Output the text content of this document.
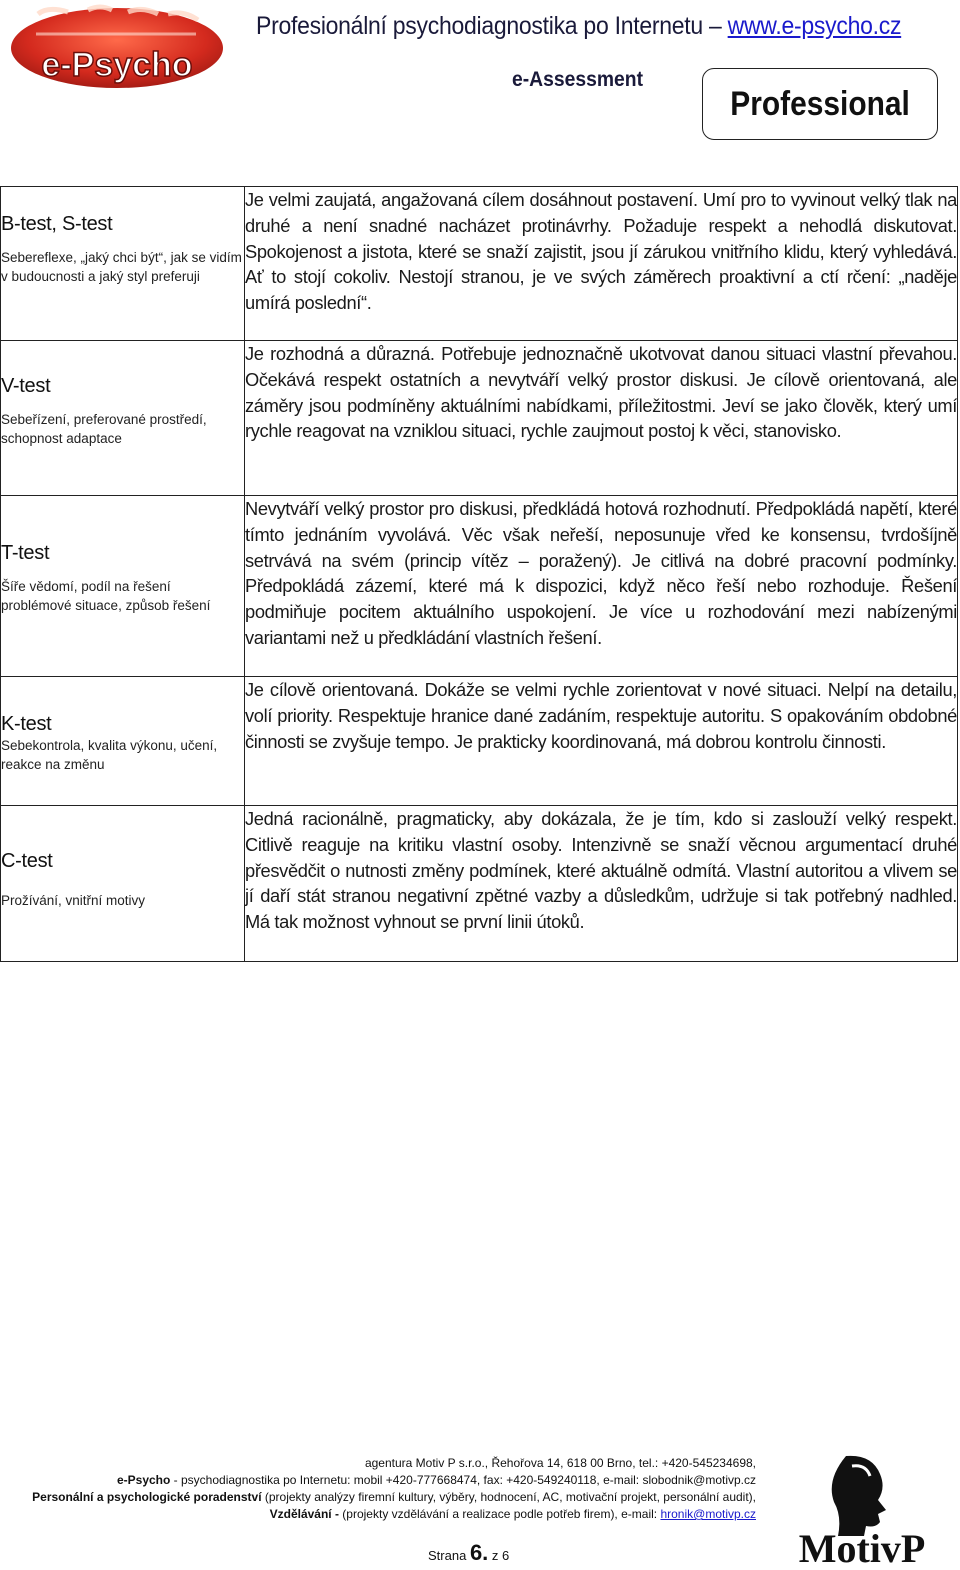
e-Psycho
Profesionální psychodiagnostika po Internetu – www.e-psycho.cz
e-Assessment
Professional
B-test, S-test
Sebereflexe, „jaký chci být“, jak se vidím v budoucnosti a jaký styl preferuji	Je velmi zaujatá, angažovaná cílem dosáhnout postavení. Umí pro to vyvinout velký tlak na druhé a není snadné nacházet protinávrhy. Požaduje respekt a nehodlá diskutovat. Spokojenost a jistota, které se snaží zajistit, jsou jí zárukou vnitřního klidu, který vyhledává. Ať to stojí cokoliv. Nestojí stranou, je ve svých záměrech proaktivní a ctí rčení: „naděje umírá poslední“.

V-test
Sebeřízení, preferované prostředí, schopnost adaptace	Je rozhodná a důrazná. Potřebuje jednoznačně ukotvovat danou situaci vlastní převahou. Očekává respekt ostatních a nevytváří velký prostor diskusi. Je cílově orientovaná, ale záměry jsou podmíněny aktuálními nabídkami, příležitostmi. Jeví se jako člověk, který umí rychle reagovat na vzniklou situaci, rychle zaujmout postoj k věci, stanovisko.

T-test
Šíře vědomí, podíl na řešení problémové situace, způsob řešení	Nevytváří velký prostor pro diskusi, předkládá hotová rozhodnutí. Předpokládá napětí, které tímto jednáním vyvolává. Věc však neřeší, neposunuje vřed ke konsensu, tvrdošíjně setrvává na svém (princip vítěz – poražený). Je citlivá na dobré pracovní podmínky. Předpokládá zázemí, které má k dispozici, když něco řeší nebo rozhoduje. Řešení podmiňuje pocitem aktuálního uspokojení. Je více u rozhodování mezi nabízenými variantami než u předkládání vlastních řešení.

K-test
Sebekontrola, kvalita výkonu, učení, reakce na změnu	Je cílově orientovaná. Dokáže se velmi rychle zorientovat v nové situaci. Nelpí na detailu, volí priority. Respektuje hranice dané zadáním, respektuje autoritu. S opakováním obdobné činnosti se zvyšuje tempo. Je prakticky koordinovaná, má dobrou kontrolu činnosti.

C-test
Prožívání, vnitřní motivy	Jedná racionálně, pragmaticky, aby dokázala, že je tím, kdo si zaslouží velký respekt. Citlivě reaguje na kritiku vlastní osoby. Intenzivně se snaží věcnou argumentací druhé přesvědčit o nutnosti změny podmínek, které aktuálně odmítá. Vlastní autoritou a vlivem se jí daří stát stranou negativní zpětné vazby a důsledkům, udržuje si tak potřebný nadhled. Má tak možnost vyhnout se první linii útoků.
agentura Motiv P s.r.o., Řehořova 14, 618 00 Brno, tel.: +420-545234698,
e-Psycho - psychodiagnostika po Internetu: mobil +420-777668474, fax: +420-549240118, e-mail: slobodnik@motivp.cz
Personální a psychologické poradenství (projekty analýzy firemní kultury, výběry, hodnocení, AC, motivační projekt, personální audit),
Vzdělávání - (projekty vzdělávání a realizace podle potřeb firem), e-mail: hronik@motivp.cz
Strana 6. z 6	MotivP
